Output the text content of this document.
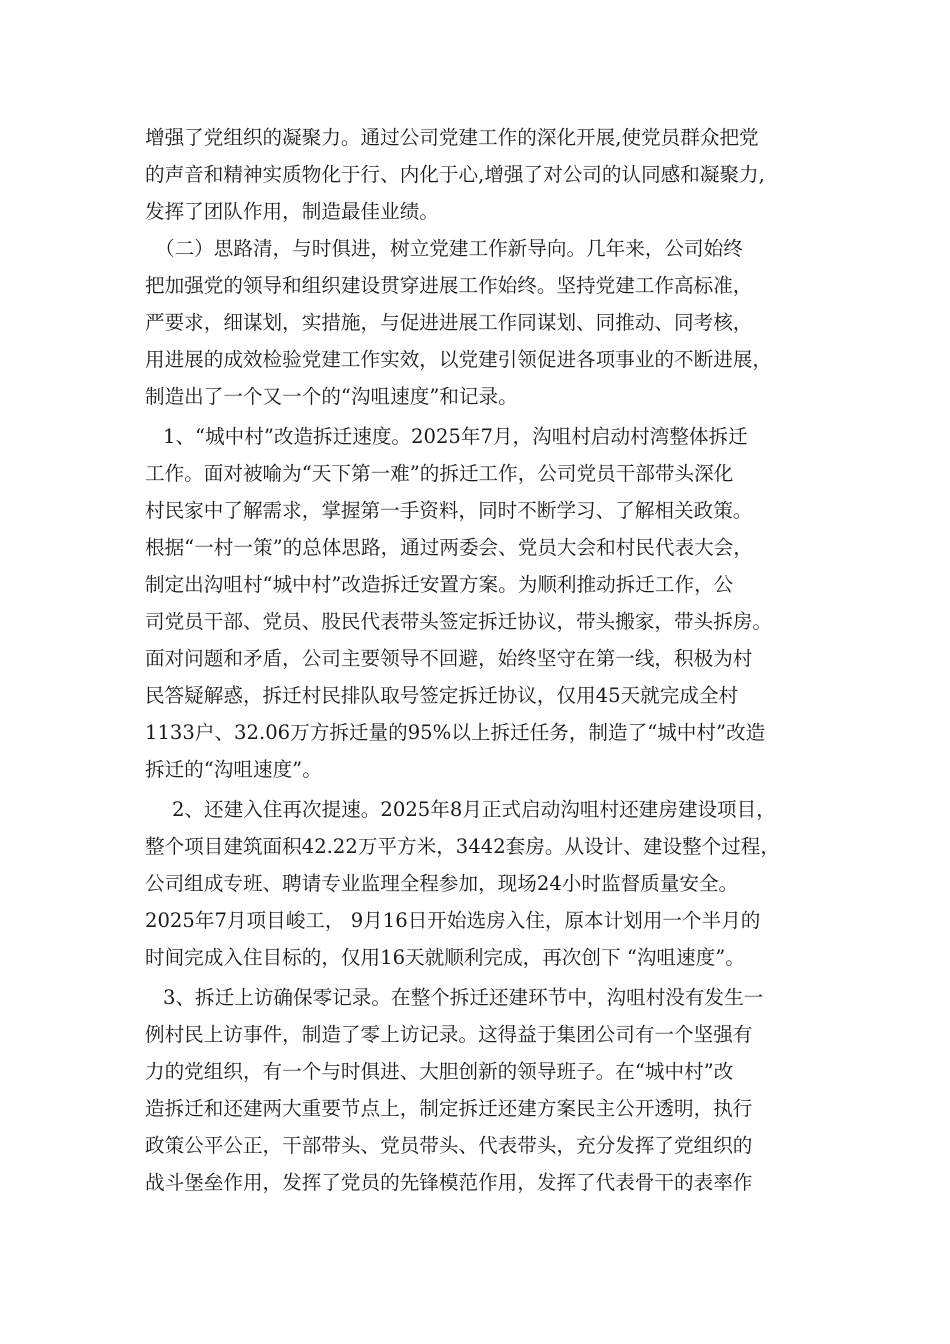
增强了党组织的凝聚力。通过公司党建工作的深化开展,使党员群众把党
的声音和精神实质物化于行、内化于心,增强了对公司的认同感和凝聚力,
发挥了团队作用，制造最佳业绩。
（二）思路清，与时俱进，树立党建工作新导向。几年来，公司始终
把加强党的领导和组织建设贯穿进展工作始终。坚持党建工作高标准，
严要求，细谋划，实措施，与促进进展工作同谋划、同推动、同考核，
用进展的成效检验党建工作实效，以党建引领促进各项事业的不断进展，
制造出了一个又一个的“沟咀速度”和记录。
1、“城中村”改造拆迁速度。2025年7月，沟咀村启动村湾整体拆迁
工作。面对被喻为“天下第一难”的拆迁工作，公司党员干部带头深化
村民家中了解需求，掌握第一手资料，同时不断学习、了解相关政策。
根据“一村一策”的总体思路，通过两委会、党员大会和村民代表大会，
制定出沟咀村“城中村”改造拆迁安置方案。为顺利推动拆迁工作，公
司党员干部、党员、股民代表带头签定拆迁协议，带头搬家，带头拆房。
面对问题和矛盾，公司主要领导不回避，始终坚守在第一线，积极为村
民答疑解惑，拆迁村民排队取号签定拆迁协议，仅用45天就完成全村
1133户、32.06万方拆迁量的95%以上拆迁任务，制造了“城中村”改造
拆迁的“沟咀速度”。
2、还建入住再次提速。2025年8月正式启动沟咀村还建房建设项目，
整个项目建筑面积42.22万平方米，3442套房。从设计、建设整个过程，
公司组成专班、聘请专业监理全程参加，现场24小时监督质量安全。
2025年7月项目峻工， 9月16日开始选房入住，原本计划用一个半月的
时间完成入住目标的，仅用16天就顺利完成，再次创下 “沟咀速度”。
3、拆迁上访确保零记录。在整个拆迁还建环节中，沟咀村没有发生一
例村民上访事件，制造了零上访记录。这得益于集团公司有一个坚强有
力的党组织，有一个与时俱进、大胆创新的领导班子。在“城中村”改
造拆迁和还建两大重要节点上，制定拆迁还建方案民主公开透明，执行
政策公平公正，干部带头、党员带头、代表带头，充分发挥了党组织的
战斗堡垒作用，发挥了党员的先锋模范作用，发挥了代表骨干的表率作
